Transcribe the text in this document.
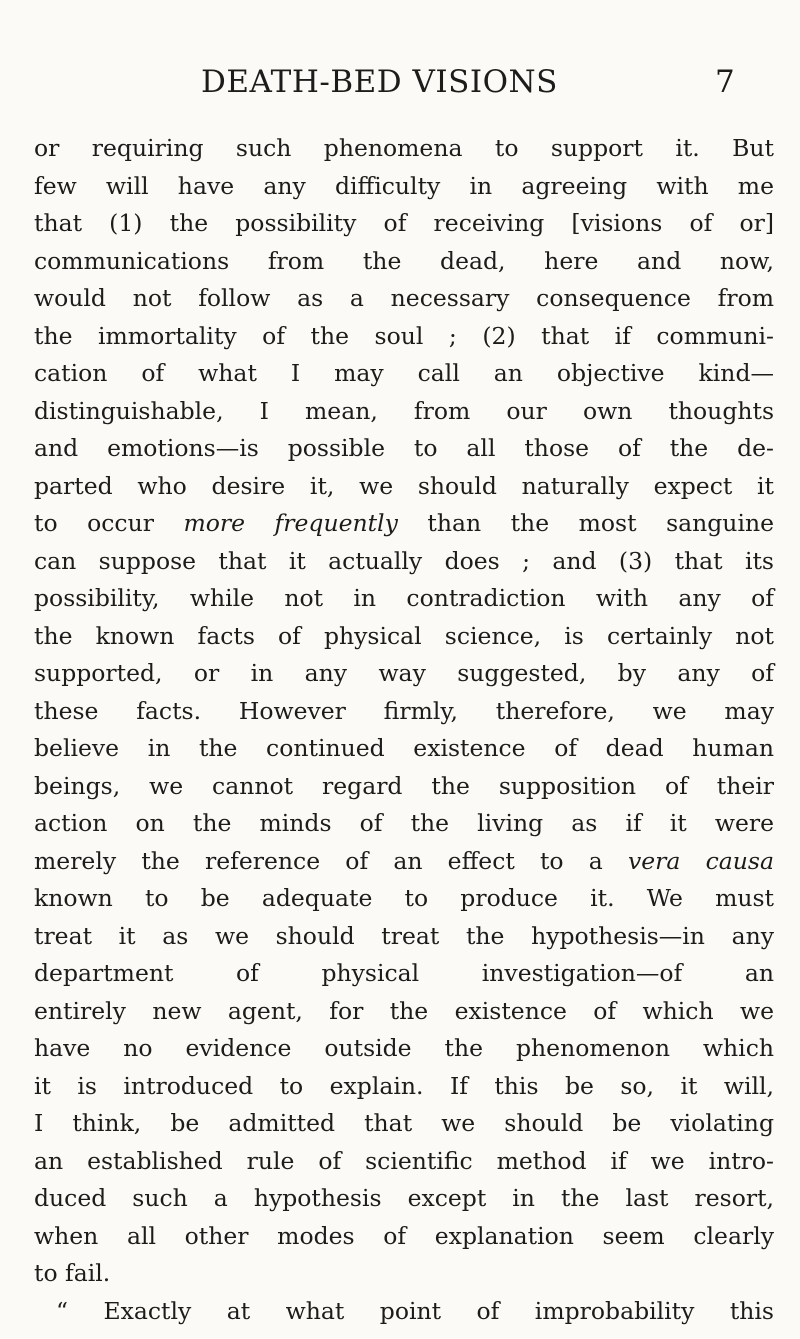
DEATH-BED VISIONS	7
or requiring such phenomena to support it. But
few will have any difficulty in agreeing with me
that (1) the possibility of receiving [visions of or]
communications from the dead, here and now,
would not follow as a necessary consequence from
the immortality of the soul ; (2) that if communi-
cation of what I may call an objective kind—
distinguishable, I mean, from our own thoughts
and emotions—is possible to all those of the de-
parted who desire it, we should naturally expect it
to occur more frequently than the most sanguine
can suppose that it actually does ; and (3) that its
possibility, while not in contradiction with any of
the known facts of physical science, is certainly not
supported, or in any way suggested, by any of
these facts. However firmly, therefore, we may
believe in the continued existence of dead human
beings, we cannot regard the supposition of their
action on the minds of the living as if it were
merely the reference of an effect to a vera causa
known to be adequate to produce it. We must
treat it as we should treat the hypothesis—in any
department of physical investigation—of an
entirely new agent, for the existence of which we
have no evidence outside the phenomenon which
it is introduced to explain. If this be so, it will,
I think, be admitted that we should be violating
an established rule of scientific method if we intro-
duced such a hypothesis except in the last resort,
when all other modes of explanation seem clearly
to fail.
“ Exactly at what point of improbability this
